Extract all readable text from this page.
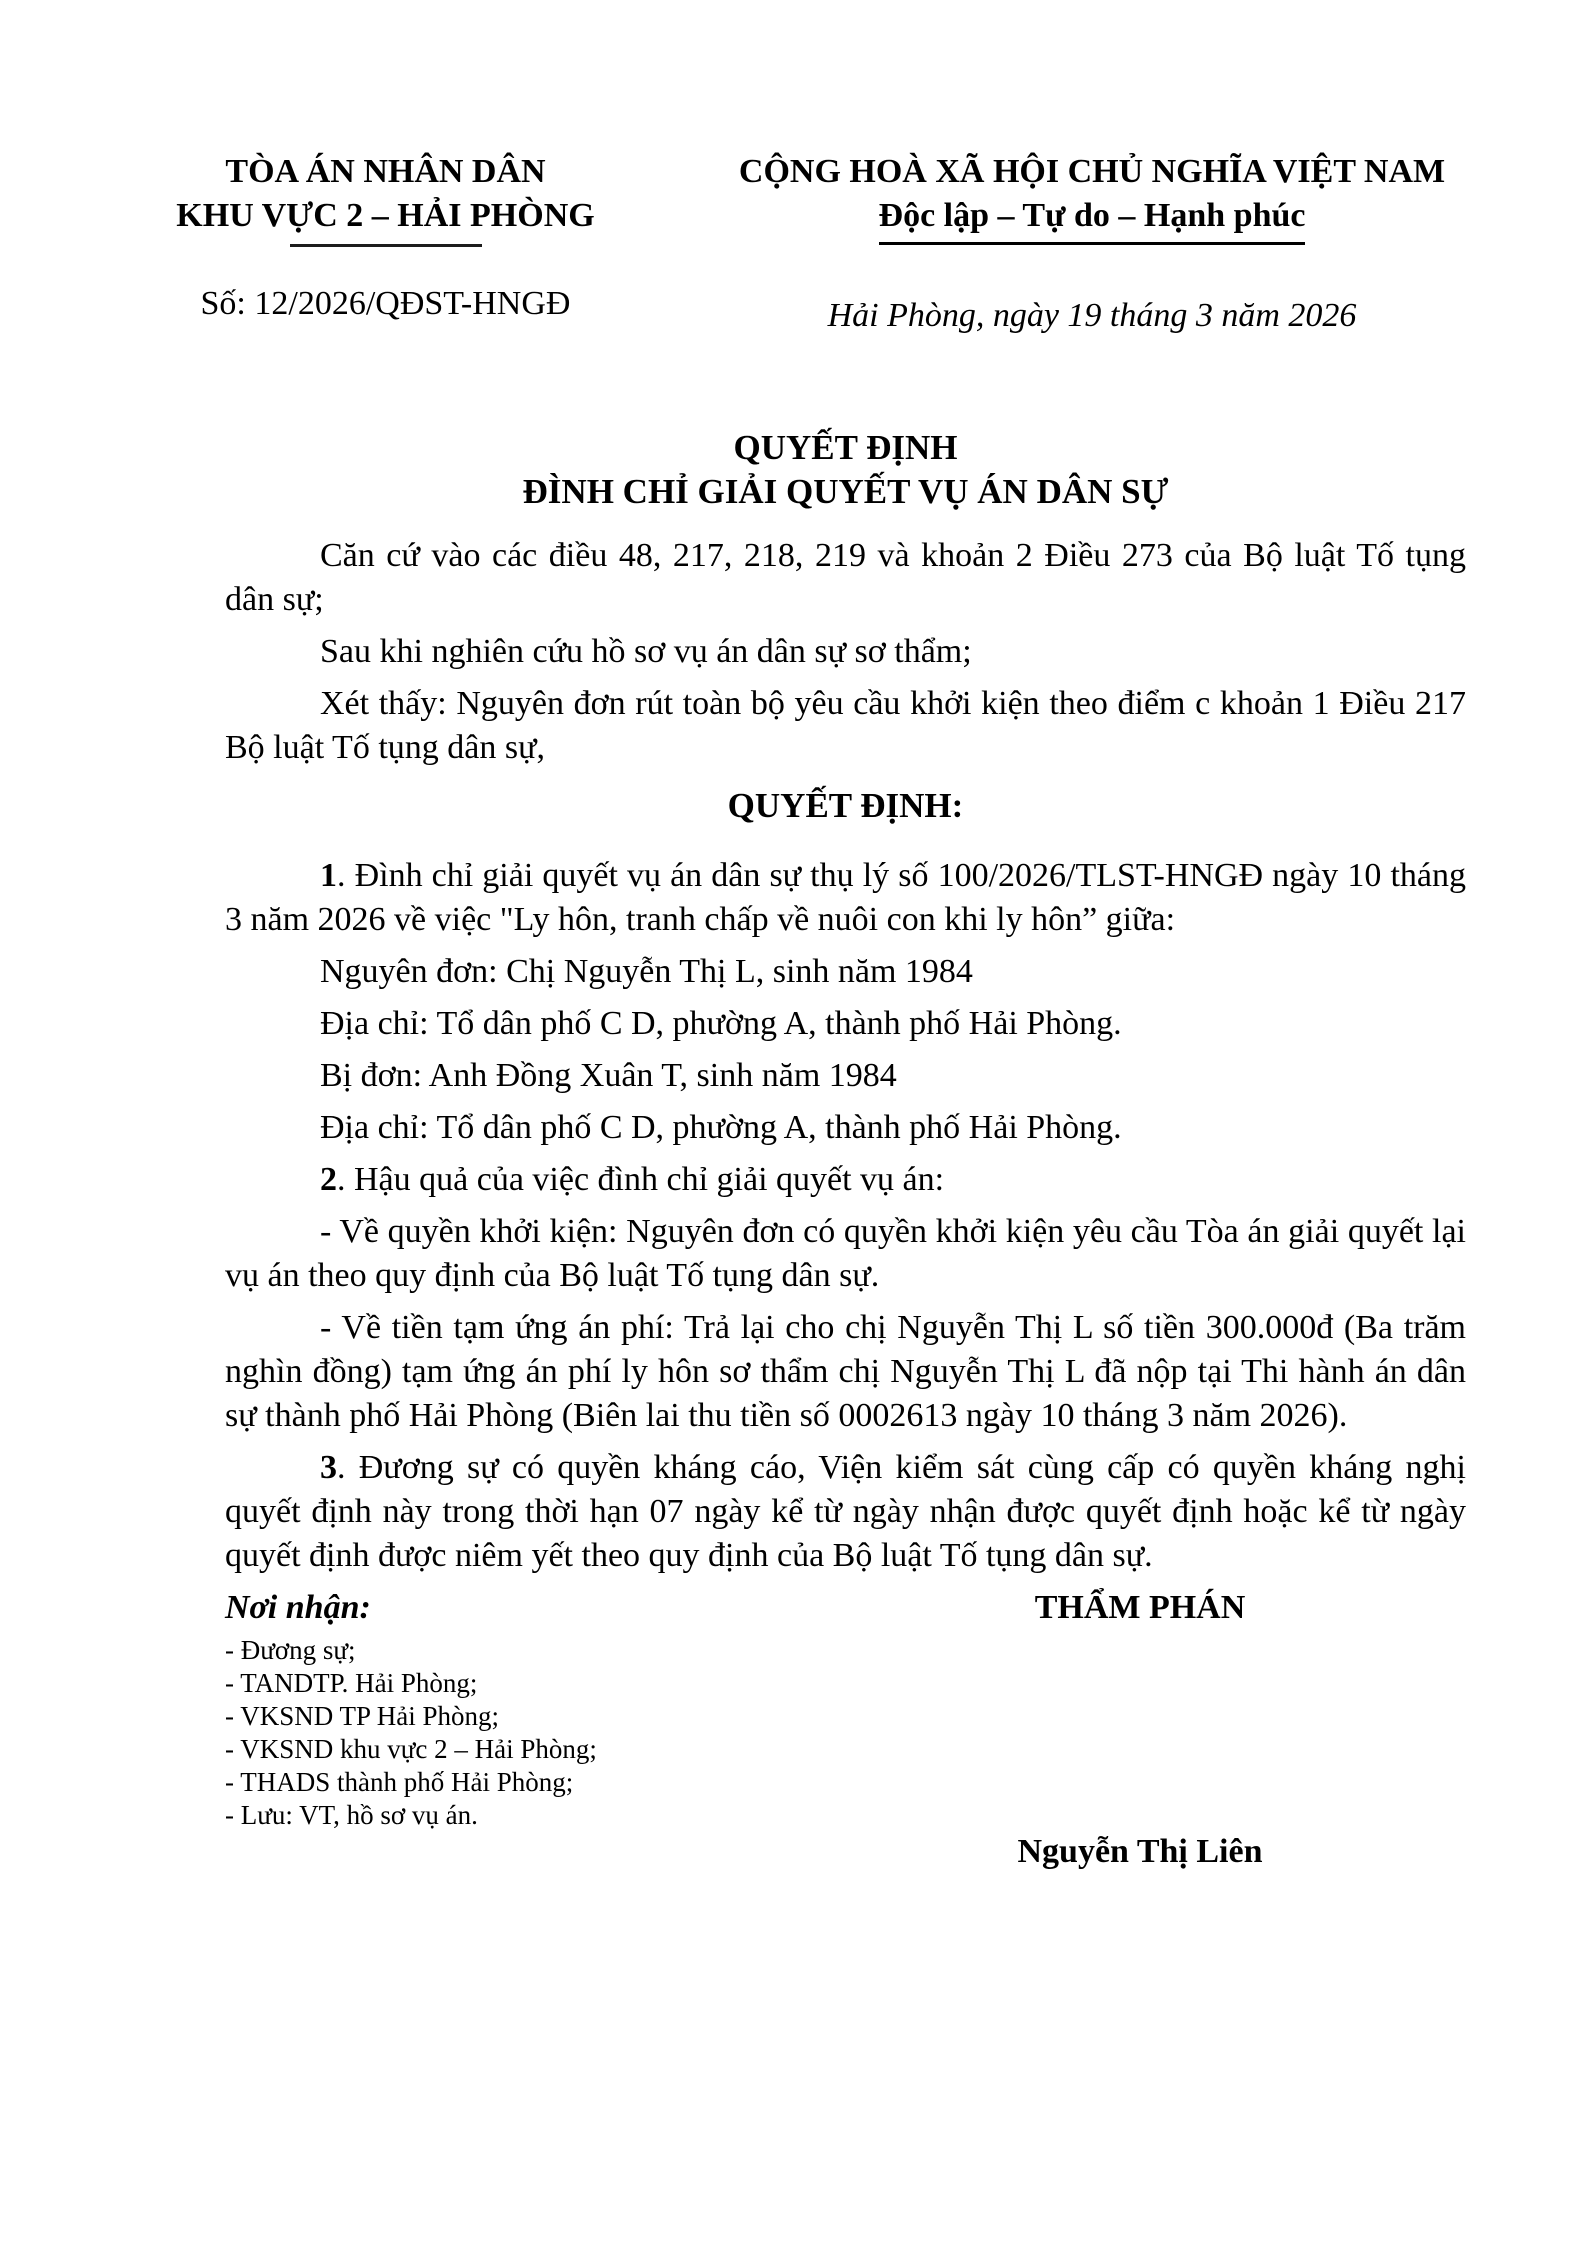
TÒA ÁN NHÂN DÂN
KHU VỰC 2 – HẢI PHÒNG
CỘNG HOÀ XÃ HỘI CHỦ NGHĨA VIỆT NAM
Độc lập – Tự do – Hạnh phúc
Số: 12/2026/QĐST-HNGĐ	Hải Phòng, ngày 19 tháng 3 năm 2026
QUYẾT ĐỊNH
ĐÌNH CHỈ GIẢI QUYẾT VỤ ÁN DÂN SỰ

Căn cứ vào các điều 48, 217, 218, 219 và khoản 2 Điều 273 của Bộ luật Tố tụng dân sự;

Sau khi nghiên cứu hồ sơ vụ án dân sự sơ thẩm;

Xét thấy: Nguyên đơn rút toàn bộ yêu cầu khởi kiện theo điểm c khoản 1 Điều 217 Bộ luật Tố tụng dân sự,

QUYẾT ĐỊNH:

1. Đình chỉ giải quyết vụ án dân sự thụ lý số 100/2026/TLST-HNGĐ ngày 10 tháng 3 năm 2026 về việc "Ly hôn, tranh chấp về nuôi con khi ly hôn” giữa:

Nguyên đơn: Chị Nguyễn Thị L, sinh năm 1984

Địa chỉ: Tổ dân phố C D, phường A, thành phố Hải Phòng.

Bị đơn: Anh Đồng Xuân T, sinh năm 1984

Địa chỉ: Tổ dân phố C D, phường A, thành phố Hải Phòng.

2. Hậu quả của việc đình chỉ giải quyết vụ án:

- Về quyền khởi kiện: Nguyên đơn có quyền khởi kiện yêu cầu Tòa án giải quyết lại vụ án theo quy định của Bộ luật Tố tụng dân sự.

- Về tiền tạm ứng án phí: Trả lại cho chị Nguyễn Thị L số tiền 300.000đ (Ba trăm nghìn đồng) tạm ứng án phí ly hôn sơ thẩm chị Nguyễn Thị L đã nộp tại Thi hành án dân sự thành phố Hải Phòng (Biên lai thu tiền số 0002613 ngày 10 tháng 3 năm 2026).

3. Đương sự có quyền kháng cáo, Viện kiểm sát cùng cấp có quyền kháng nghị quyết định này trong thời hạn 07 ngày kể từ ngày nhận được quyết định hoặc kể từ ngày quyết định được niêm yết theo quy định của Bộ luật Tố tụng dân sự.

Nơi nhận:
- Đương sự;
- TANDTP. Hải Phòng;
- VKSND TP Hải Phòng;
- VKSND khu vực 2 – Hải Phòng;
- THADS thành phố Hải Phòng;
- Lưu: VT, hồ sơ vụ án.
THẨM PHÁN
Nguyễn Thị Liên
